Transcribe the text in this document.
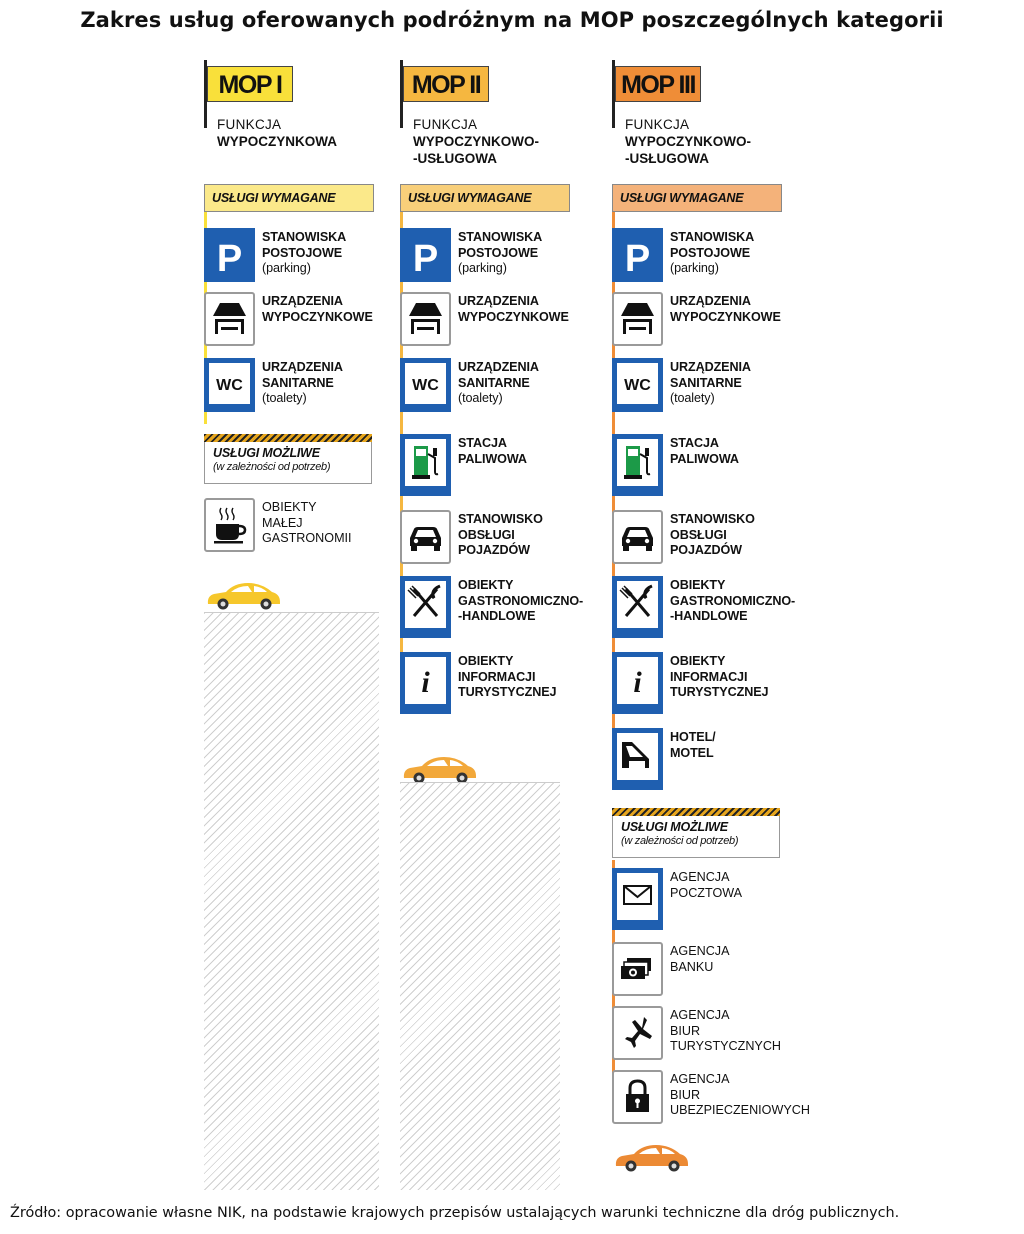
Zakres usług oferowanych podróżnym na MOP poszczególnych kategorii
MOP I
FUNKCJA
WYPOCZYNKOWA
USŁUGI WYMAGANE
P
STANOWISKA
POSTOJOWE
(parking)
URZĄDZENIA
WYPOCZYNKOWE
WC
URZĄDZENIA
SANITARNE
(toalety)
USŁUGI MOŻLIWE
(w zależności od potrzeb)
OBIEKTY MAŁEJ
GASTRONOMII
MOP II
FUNKCJA
WYPOCZYNKOWO-
-USŁUGOWA
USŁUGI WYMAGANE
P
STANOWISKA
POSTOJOWE
(parking)
URZĄDZENIA
WYPOCZYNKOWE
WC
URZĄDZENIA
SANITARNE
(toalety)
STACJA
PALIWOWA
STANOWISKO
OBSŁUGI
POJAZDÓW
OBIEKTY
GASTRONOMICZNO-
-HANDLOWE
i
OBIEKTY
INFORMACJI
TURYSTYCZNEJ
MOP III
FUNKCJA
WYPOCZYNKOWO-
-USŁUGOWA
USŁUGI WYMAGANE
P
STANOWISKA
POSTOJOWE
(parking)
URZĄDZENIA
WYPOCZYNKOWE
WC
URZĄDZENIA
SANITARNE
(toalety)
STACJA
PALIWOWA
STANOWISKO
OBSŁUGI
POJAZDÓW
OBIEKTY
GASTRONOMICZNO-
-HANDLOWE
i
OBIEKTY
INFORMACJI
TURYSTYCZNEJ
HOTEL/
MOTEL
USŁUGI MOŻLIWE
(w zależności od potrzeb)
AGENCJA
POCZTOWA
AGENCJA
BANKU
AGENCJA
BIUR
TURYSTYCZNYCH
AGENCJA
BIUR
UBEZPIECZENIOWYCH
Źródło: opracowanie własne NIK, na podstawie krajowych przepisów ustalających warunki techniczne dla dróg publicznych.
